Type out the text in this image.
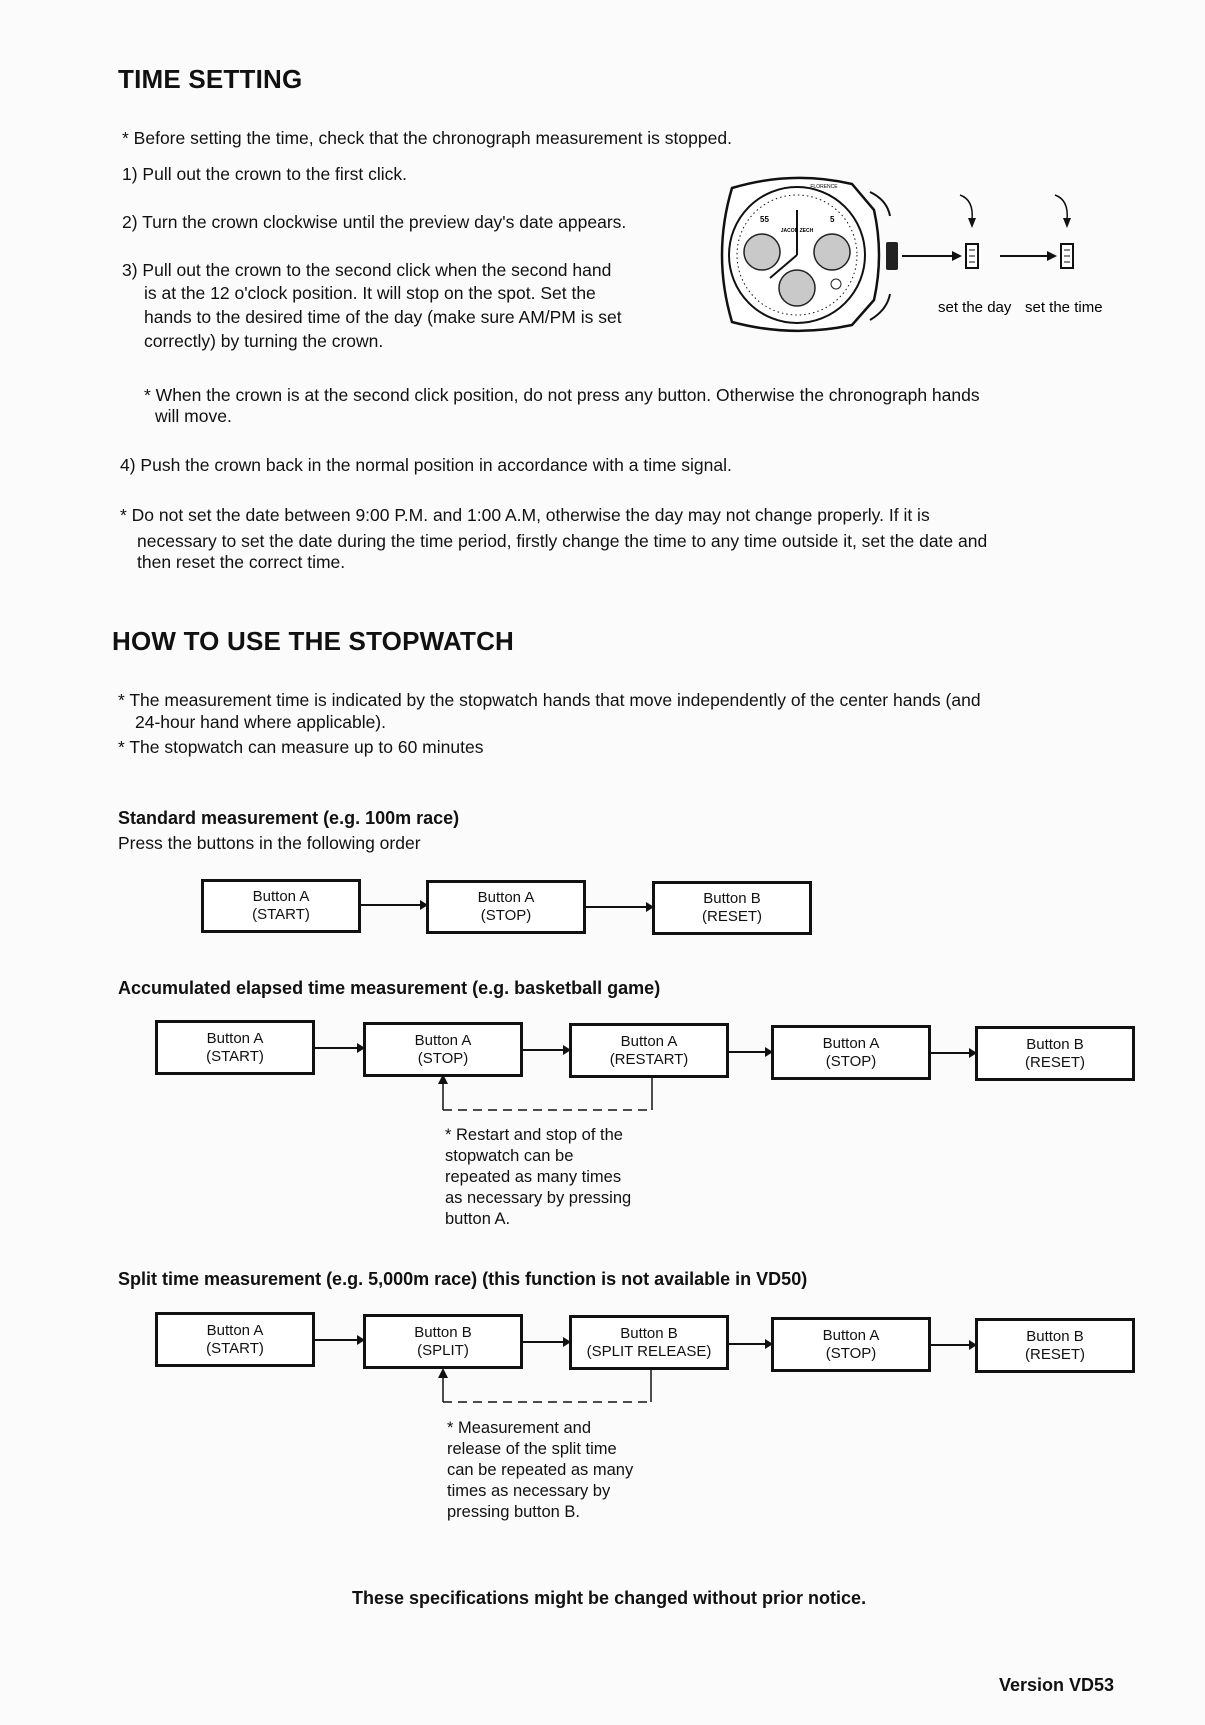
TIME SETTING
* Before setting the time, check that the chronograph measurement is stopped.
1) Pull out the crown to the first click.
2) Turn the crown clockwise until the preview day's date appears.
3) Pull out the crown to the second click when the second hand
is at the 12 o'clock position. It will stop on the spot. Set the
hands to the desired time of the day (make sure AM/PM is set
correctly) by turning the crown.
55	5
JACOB ZECH
FLORENCE
set the day set the time
* When the crown is at the second click position, do not press any button. Otherwise the chronograph hands
will move.
4) Push the crown back in the normal position in accordance with a time signal.
* Do not set the date between 9:00 P.M. and 1:00 A.M, otherwise the day may not change properly. If it is
necessary to set the date during the time period, firstly change the time to any time outside it, set the date and
then reset the correct time.
HOW TO USE THE STOPWATCH
* The measurement time is indicated by the stopwatch hands that move independently of the center hands (and
24-hour hand where applicable).
* The stopwatch can measure up to 60 minutes
Standard measurement (e.g. 100m race)
Press the buttons in the following order
Button A
(START)
Button A
(STOP)
Button B
(RESET)
Accumulated elapsed time measurement (e.g. basketball game)
Button A
(START)
Button A
(STOP)
Button A
(RESTART)
Button A
(STOP)
Button B
(RESET)
* Restart and stop of the
stopwatch can be
repeated as many times
as necessary by pressing
button A.
Split time measurement (e.g. 5,000m race) (this function is not available in VD50)
Button A
(START)
Button B
(SPLIT)
Button B
(SPLIT RELEASE)
Button A
(STOP)
Button B
(RESET)
* Measurement and
release of the split time
can be repeated as many
times as necessary by
pressing button B.
These specifications might be changed without prior notice.
Version VD53
